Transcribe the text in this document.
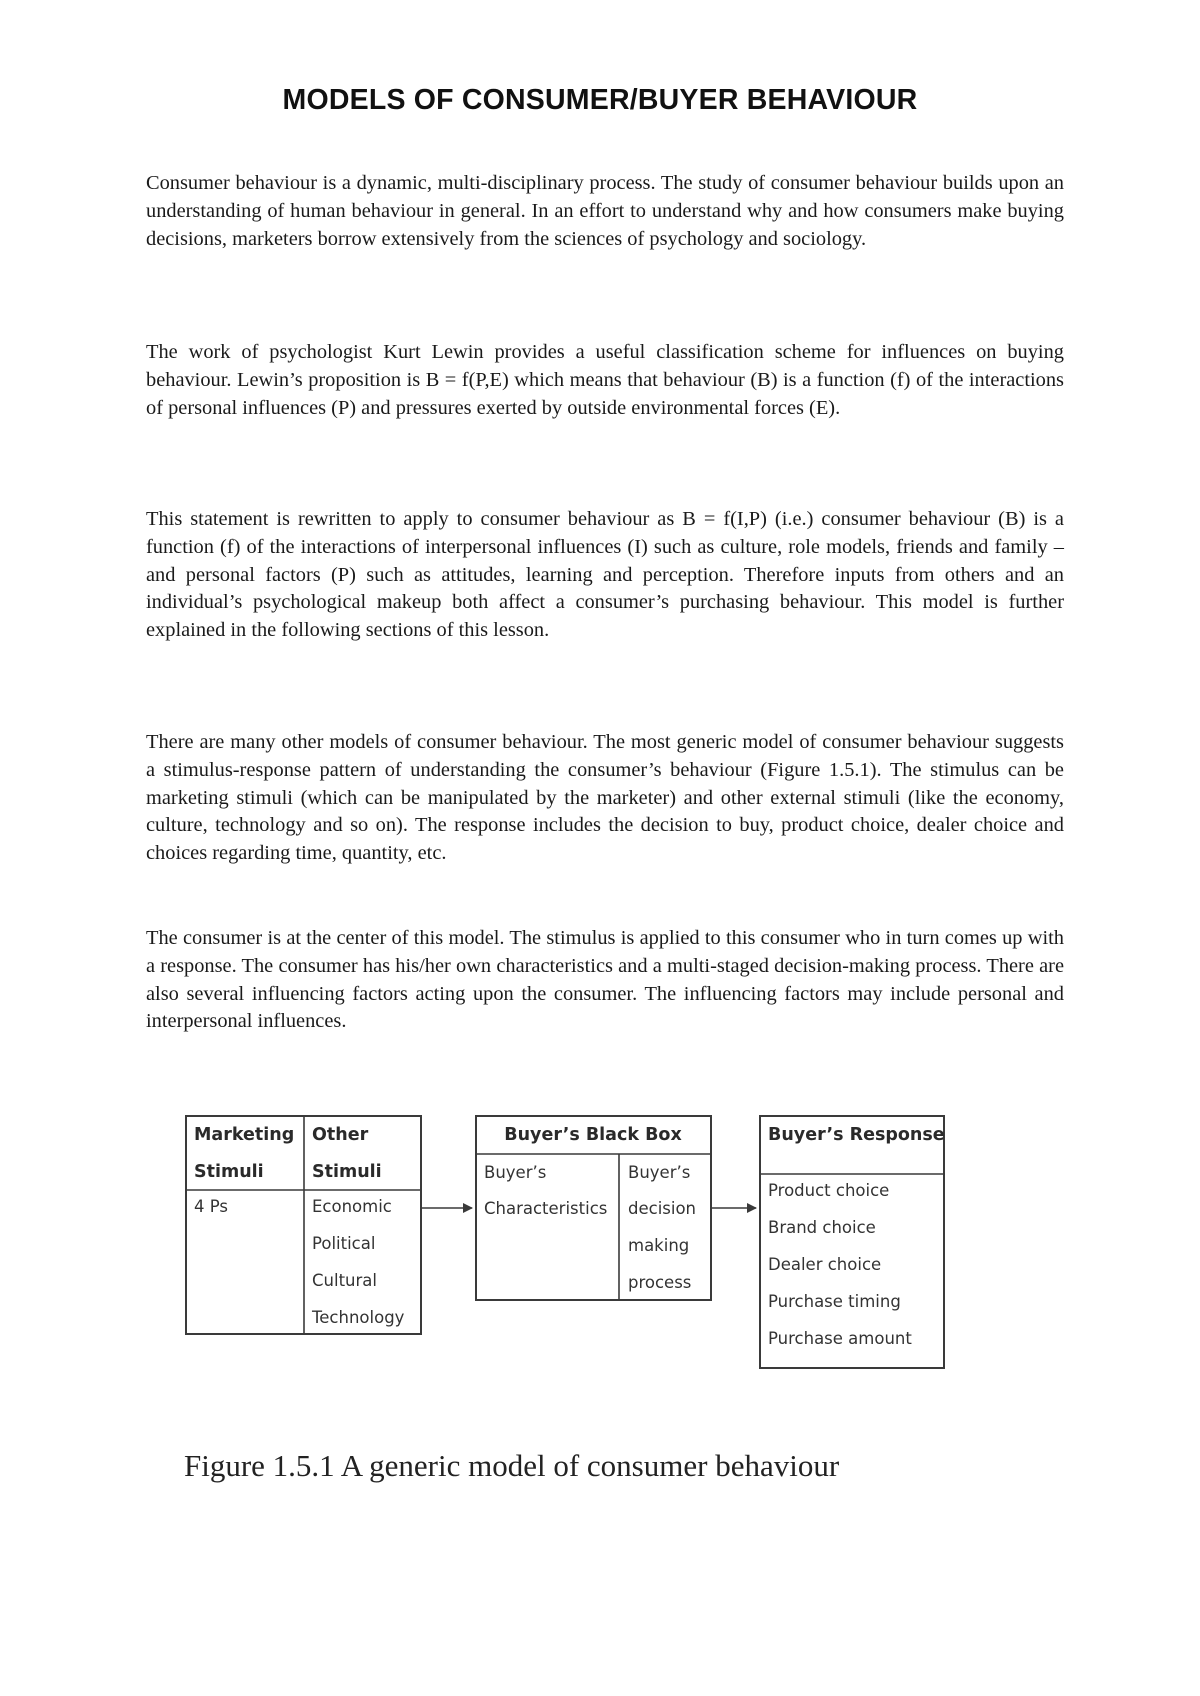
MODELS OF CONSUMER/BUYER BEHAVIOUR

Consumer behaviour is a dynamic, multi-disciplinary process. The study of consumer behaviour builds upon an understanding of human behaviour in general. In an effort to understand why and how consumers make buying decisions, marketers borrow extensively from the sciences of psychology and sociology.

The work of psychologist Kurt Lewin provides a useful classification scheme for influences on buying behaviour. Lewin’s proposition is B = f(P,E) which means that behaviour (B) is a function (f) of the interactions of personal influences (P) and pressures exerted by outside environmental forces (E).

This statement is rewritten to apply to consumer behaviour as B = f(I,P) (i.e.) consumer behaviour (B) is a function (f) of the interactions of interpersonal influences (I) such as culture, role models, friends and family – and personal factors (P) such as attitudes, learning and perception. Therefore inputs from others and an individual’s psychological makeup both affect a consumer’s purchasing behaviour. This model is further explained in the following sections of this lesson.

There are many other models of consumer behaviour. The most generic model of consumer behaviour suggests a stimulus-response pattern of understanding the consumer’s behaviour (Figure 1.5.1). The stimulus can be marketing stimuli (which can be manipulated by the marketer) and other external stimuli (like the economy, culture, technology and so on). The response includes the decision to buy, product choice, dealer choice and choices regarding time, quantity, etc.

The consumer is at the center of this model. The stimulus is applied to this consumer who in turn comes up with a response. The consumer has his/her own characteristics and a multi-staged decision-making process. There are also several influencing factors acting upon the consumer. The influencing factors may include personal and interpersonal influences.

Marketing
Stimuli
Other
Stimuli
4 Ps	Economic
Political
Cultural
Technology
Buyer’s Black Box
Buyer’s
Characteristics
Buyer’s
decision
making
process
Buyer’s Response
Product choice
Brand choice
Dealer choice
Purchase timing
Purchase amount

Figure 1.5.1 A generic model of consumer behaviour
